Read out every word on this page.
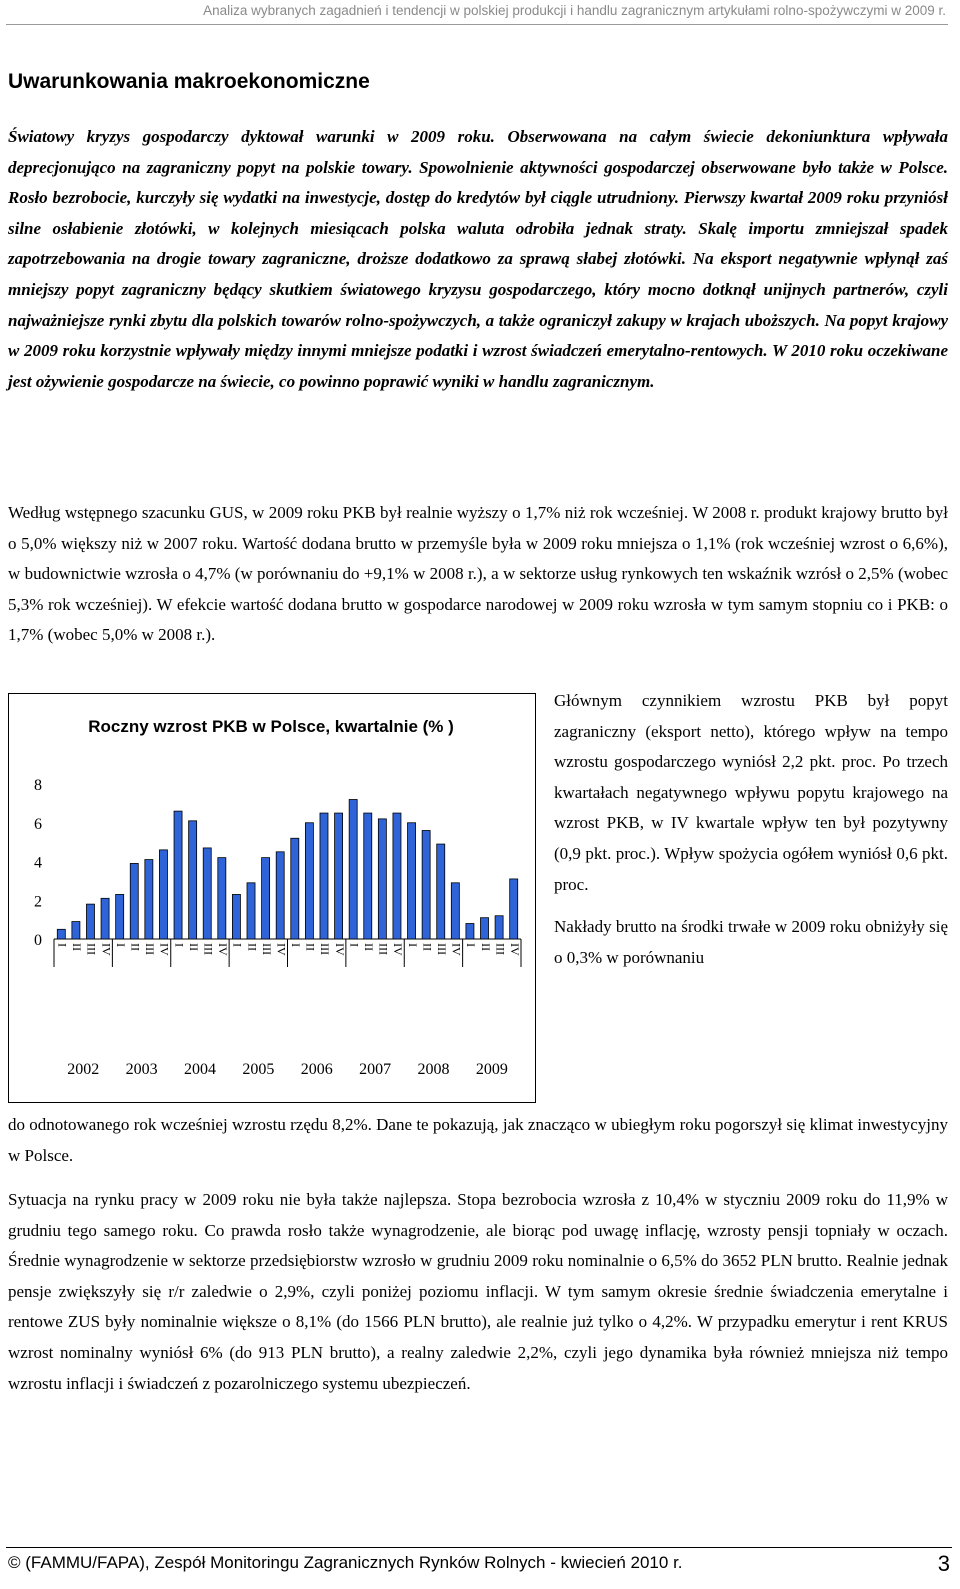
Analiza wybranych zagadnień i tendencji w polskiej produkcji i handlu zagranicznym artykułami rolno-spożywczymi w 2009 r.
Uwarunkowania makroekonomiczne

Światowy kryzys gospodarczy dyktował warunki w 2009 roku. Obserwowana na całym świecie dekoniunktura wpływała deprecjonująco na zagraniczny popyt na polskie towary. Spowolnienie aktywności gospodarczej obserwowane było także w Polsce. Rosło bezrobocie, kurczyły się wydatki na inwestycje, dostęp do kredytów był ciągle utrudniony. Pierwszy kwartał 2009 roku przyniósł silne osłabienie złotówki, w kolejnych miesiącach polska waluta odrobiła jednak straty. Skalę importu zmniejszał spadek zapotrzebowania na drogie towary zagraniczne, droższe dodatkowo za sprawą słabej złotówki. Na eksport negatywnie wpłynął zaś mniejszy popyt zagraniczny będący skutkiem światowego kryzysu gospodarczego, który mocno dotknął unijnych partnerów, czyli najważniejsze rynki zbytu dla polskich towarów rolno-spożywczych, a także ograniczył zakupy w krajach uboższych. Na popyt krajowy w 2009 roku korzystnie wpływały między innymi mniejsze podatki i wzrost świadczeń emerytalno-rentowych. W 2010 roku oczekiwane jest ożywienie gospodarcze na świecie, co powinno poprawić wyniki w handlu zagranicznym.

Według wstępnego szacunku GUS, w 2009 roku PKB był realnie wyższy o 1,7% niż rok wcześniej. W 2008 r. produkt krajowy brutto był o 5,0% większy niż w 2007 roku. Wartość dodana brutto w przemyśle była w 2009 roku mniejsza o 1,1% (rok wcześniej wzrost o 6,6%), w budownictwie wzrosła o 4,7% (w porównaniu do +9,1% w 2008 r.), a w sektorze usług rynkowych ten wskaźnik wzrósł o 2,5% (wobec 5,3% rok wcześniej). W efekcie wartość dodana brutto w gospodarce narodowej w 2009 roku wzrosła w tym samym stopniu co i PKB: o 1,7% (wobec 5,0% w 2008 r.).

Roczny wzrost PKB w Polsce, kwartalnie (% )
0
2
4
6
8
I II III IV I II III IV I II III IV I II III IV I II III IV I II III IV I II III IV I II III IV
2002 2003 2004 2005 2006 2007 2008 2009

Głównym czynnikiem wzrostu PKB był popyt zagraniczny (eksport netto), którego wpływ na tempo wzrostu gospodarczego wyniósł 2,2 pkt. proc. Po trzech kwartałach negatywnego wpływu popytu krajowego na wzrost PKB, w IV kwartale wpływ ten był pozytywny (0,9 pkt. proc.). Wpływ spożycia ogółem wyniósł 0,6 pkt. proc.

Nakłady brutto na środki trwałe w 2009 roku obniżyły się o 0,3% w porównaniu

do odnotowanego rok wcześniej wzrostu rzędu 8,2%. Dane te pokazują, jak znacząco w ubiegłym roku pogorszył się klimat inwestycyjny w Polsce.

Sytuacja na rynku pracy w 2009 roku nie była także najlepsza. Stopa bezrobocia wzrosła z 10,4% w styczniu 2009 roku do 11,9% w grudniu tego samego roku. Co prawda rosło także wynagrodzenie, ale biorąc pod uwagę inflację, wzrosty pensji topniały w oczach. Średnie wynagrodzenie w sektorze przedsiębiorstw wzrosło w grudniu 2009 roku nominalnie o 6,5% do 3652 PLN brutto. Realnie jednak pensje zwiększyły się r/r zaledwie o 2,9%, czyli poniżej poziomu inflacji. W tym samym okresie średnie świadczenia emerytalne i rentowe ZUS były nominalnie większe o 8,1% (do 1566 PLN brutto), ale realnie już tylko o 4,2%. W przypadku emerytur i rent KRUS wzrost nominalny wyniósł 6% (do 913 PLN brutto), a realny zaledwie 2,2%, czyli jego dynamika była również mniejsza niż tempo wzrostu inflacji i świadczeń z pozarolniczego systemu ubezpieczeń.

© (FAMMU/FAPA), Zespół Monitoringu Zagranicznych Rynków Rolnych - kwiecień 2010 r.	3
